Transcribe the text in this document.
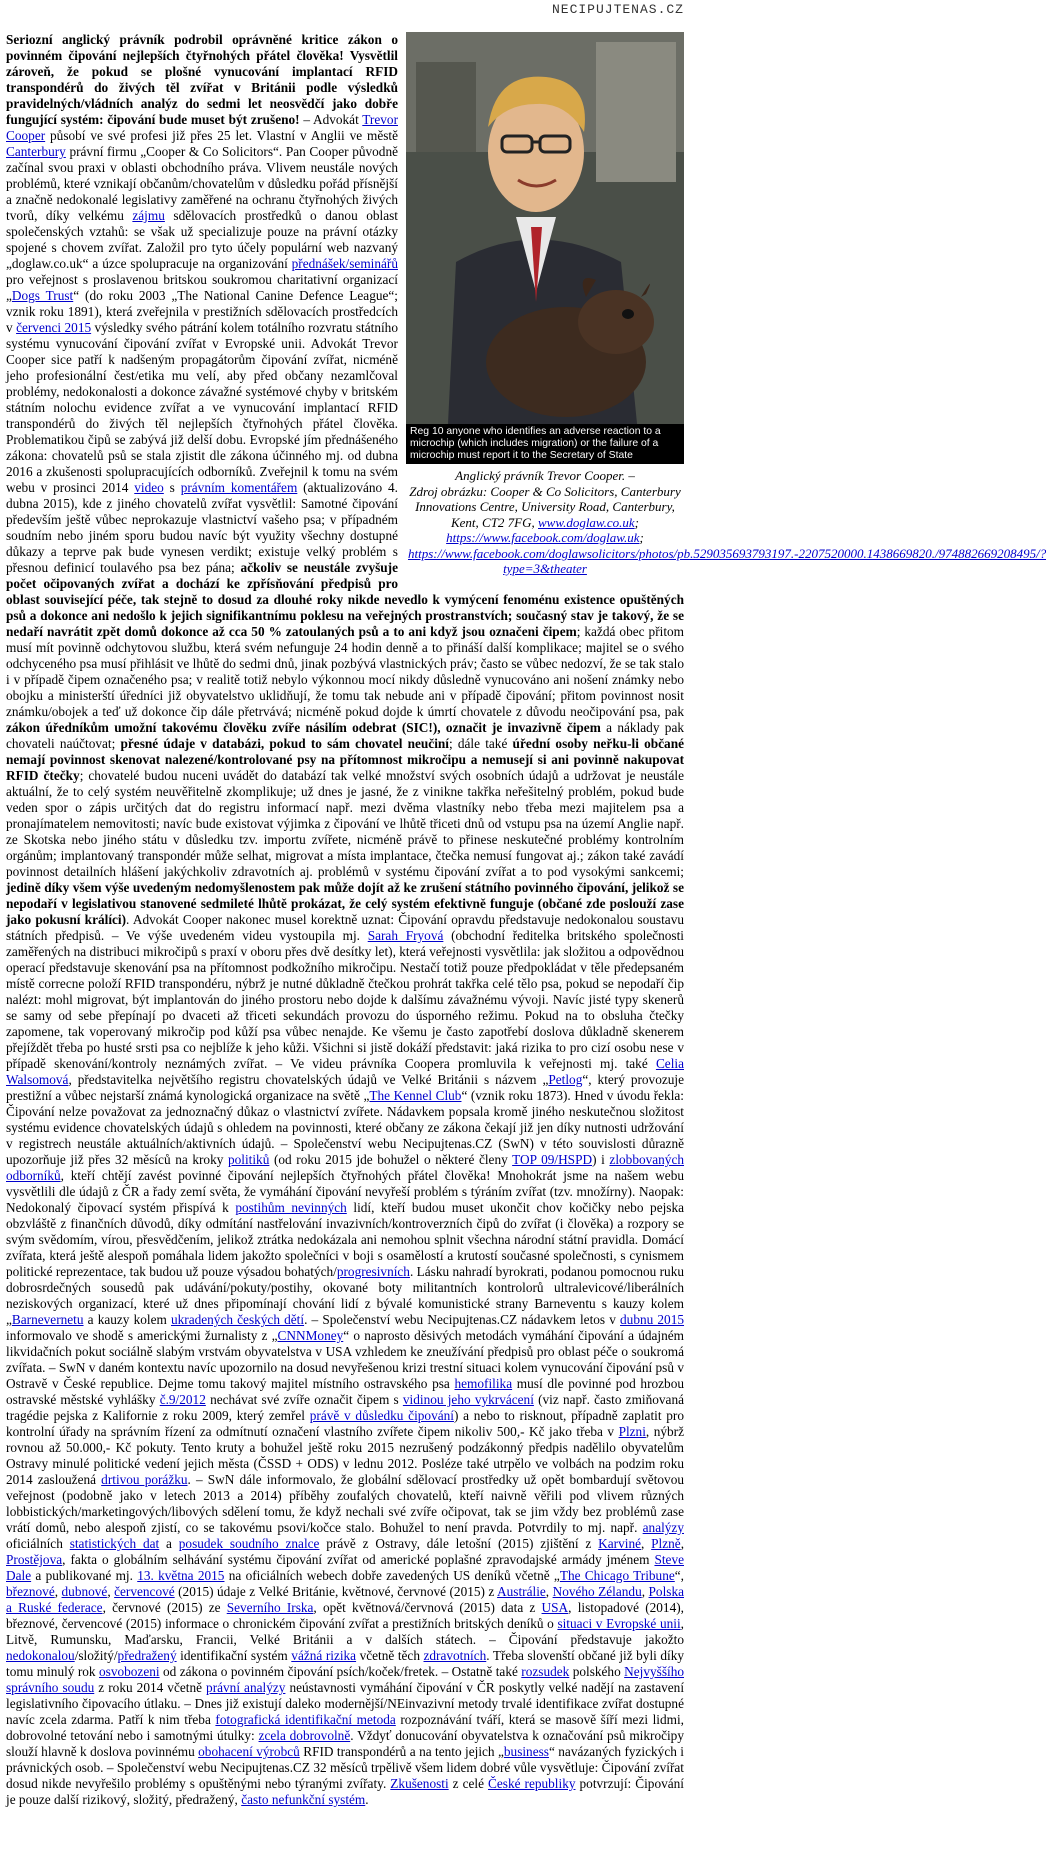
NECIPUJTENAS.CZ
Reg 10 anyone who identifies an adverse reaction to a microchip (which includes migration) or the failure of a microchip must report it to the Secretary of State
Anglický právník Trevor Cooper. –
Zdroj obrázku: Cooper & Co Solicitors, Canterbury Innovations Centre, University Road, Canterbury, Kent, CT2 7FG, www.doglaw.co.uk; https://www.facebook.com/doglaw.uk; https://www.facebook.com/doglawsolicitors/photos/pb.529035693793197.-2207520000.1438669820./974882669208495/?type=3&theater

Seriozní anglický právník podrobil oprávněné kritice zákon o povinném čipování nejlepších čtyřnohých přátel člověka! Vysvětlil zároveň, že pokud se plošné vynucování implantací RFID transpondérů do živých těl zvířat v Británii podle výsledků pravidelných/vládních analýz do sedmi let neosvědčí jako dobře fungující systém: čipování bude muset být zrušeno! – Advokát Trevor Cooper působí ve své profesi již přes 25 let. Vlastní v Anglii ve městě Canterbury právní firmu „Cooper & Co Solicitors“. Pan Cooper původně začínal svou praxi v oblasti obchodního práva. Vlivem neustále nových problémů, které vznikají občanům/chovatelům v důsledku pořád přísnější a značně nedokonalé legislativy zaměřené na ochranu čtyřnohých živých tvorů, díky velkému zájmu sdělovacích prostředků o danou oblast společenských vztahů: se však už specializuje pouze na právní otázky spojené s chovem zvířat. Založil pro tyto účely populární web nazvaný „doglaw.co.uk“ a úzce spolupracuje na organizování přednášek/seminářů pro veřejnost s proslavenou britskou soukromou charitativní organizací „Dogs Trust“ (do roku 2003 „The National Canine Defence League“; vznik roku 1891), která zveřejnila v prestižních sdělovacích prostředcích v červenci 2015 výsledky svého pátrání kolem totálního rozvratu státního systému vynucování čipování zvířat v Evropské unii. Advokát Trevor Cooper sice patří k nadšeným propagátorům čipování zvířat, nicméně jeho profesionální čest/etika mu velí, aby před občany nezamlčoval problémy, nedokonalosti a dokonce závažné systémové chyby v britském státním nolochu evidence zvířat a ve vynucování implantací RFID transpondérů do živých těl nejlepších čtyřnohých přátel člověka. Problematikou čipů se zabývá již delší dobu. Evropské jím přednášeného zákona: chovatelů psů se stala zjistit dle zákona účinného mj. od dubna 2016 a zkušenosti spolupracujících odborníků. Zveřejnil k tomu na svém webu v prosinci 2014 video s právním komentářem (aktualizováno 4. dubna 2015), kde z jiného chovatelů zvířat vysvětlil: Samotné čipování především ještě vůbec neprokazuje vlastnictví vašeho psa; v případném soudním nebo jiném sporu budou navíc být využity všechny dostupné důkazy a teprve pak bude vynesen verdikt; existuje velký problém s přesnou definicí toulavého psa bez pána; ačkoliv se neustále zvyšuje počet očipovaných zvířat a dochází ke zpřísňování předpisů pro oblast související péče, tak stejně to dosud za dlouhé roky nikde nevedlo k vymýcení fenoménu existence opuštěných psů a dokonce ani nedošlo k jejich signifikantnímu poklesu na veřejných prostranstvích; současný stav je takový, že se nedaří navrátit zpět domů dokonce až cca 50 % zatoulaných psů a to ani když jsou označeni čipem; každá obec přitom musí mít povinně odchytovou službu, která svém nefunguje 24 hodin denně a to přináší další komplikace; majitel se o svého odchyceného psa musí přihlásit ve lhůtě do sedmi dnů, jinak pozbývá vlastnických práv; často se vůbec nedozví, že se tak stalo i v případě čipem označeného psa; v realitě totiž nebylo výkonnou mocí nikdy důsledně vynucováno ani nošení známky nebo obojku a ministerští úředníci již obyvatelstvo uklidňují, že tomu tak nebude ani v případě čipování; přitom povinnost nosit známku/obojek a teď už dokonce čip dále přetrvává; nicméně pokud dojde k úmrtí chovatele z důvodu neočipování psa, pak zákon úředníkům umožní takovému člověku zvíře násilím odebrat (SIC!), označit je invazivně čipem a náklady pak chovateli naúčtovat; přesné údaje v databázi, pokud to sám chovatel neučiní; dále také úřední osoby neřku-li občané nemají povinnost skenovat nalezené/kontrolované psy na přítomnost mikročipu a nemusejí si ani povinně nakupovat RFID čtečky; chovatelé budou nuceni uvádět do databází tak velké množství svých osobních údajů a udržovat je neustále aktuální, že to celý systém neuvěřitelně zkomplikuje; už dnes je jasné, že z vinikne takřka neřešitelný problém, pokud bude veden spor o zápis určitých dat do registru informací např. mezi dvěma vlastníky nebo třeba mezi majitelem psa a pronajímatelem nemovitosti; navíc bude existovat výjimka z čipování ve lhůtě třiceti dnů od vstupu psa na území Anglie např. ze Skotska nebo jiného státu v důsledku tzv. importu zvířete, nicméně právě to přinese neskutečné problémy kontrolním orgánům; implantovaný transpondér může selhat, migrovat a místa implantace, čtečka nemusí fungovat aj.; zákon také zavádí povinnost detailních hlášení jakýchkoliv zdravotních aj. problémů v systému čipování zvířat a to pod vysokými sankcemi; jedině díky všem výše uvedeným nedomyšlenostem pak může dojít až ke zrušení státního povinného čipování, jelikož se nepodaří v legislativou stanovené sedmileté lhůtě prokázat, že celý systém efektivně funguje (občané zde poslouží zase jako pokusní králíci). Advokát Cooper nakonec musel korektně uznat: Čipování opravdu představuje nedokonalou soustavu státních předpisů. – Ve výše uvedeném videu vystoupila mj. Sarah Fryová (obchodní ředitelka britského společnosti zaměřených na distribuci mikročipů s praxí v oboru přes dvě desítky let), která veřejnosti vysvětlila: jak složitou a odpovědnou operací představuje skenování psa na přítomnost podkožního mikročipu. Nestačí totiž pouze předpokládat v těle předepsaném místě correcne položí RFID transpondéru, nýbrž je nutné důkladně čtečkou prohrát takřka celé tělo psa, pokud se nepodaří čip nalézt: mohl migrovat, být implantován do jiného prostoru nebo dojde k dalšímu závažnému vývoji. Navíc jisté typy skenerů se samy od sebe přepínají po dvaceti až třiceti sekundách provozu do úsporného režimu. Pokud na to obsluha čtečky zapomene, tak voperovaný mikročip pod kůží psa vůbec nenajde. Ke všemu je často zapotřebí doslova důkladně skenerem přejíždět třeba po husté srsti psa co nejblíže k jeho kůži. Všichni si jistě dokáží představit: jaká rizika to pro cizí osobu nese v případě skenování/kontroly neznámých zvířat. – Ve videu právníka Coopera promluvila k veřejnosti mj. také Celia Walsomová, představitelka největšího registru chovatelských údajů ve Velké Británii s názvem „Petlog“, který provozuje prestižní a vůbec nejstarší známá kynologická organizace na světě „The Kennel Club“ (vznik roku 1873). Hned v úvodu řekla: Čipování nelze považovat za jednoznačný důkaz o vlastnictví zvířete. Nádavkem popsala kromě jiného neskutečnou složitost systému evidence chovatelských údajů s ohledem na povinnosti, které občany ze zákona čekají již jen díky nutnosti udržování v registrech neustále aktuálních/aktivních údajů. – Společenství webu Necipujtenas.CZ (SwN) v této souvislosti důrazně upozorňuje již přes 32 měsíců na kroky politiků (od roku 2015 jde bohužel o některé členy TOP 09/HSPD) i zlobbovaných odborníků, kteří chtějí zavést povinné čipování nejlepších čtyřnohých přátel člověka! Mnohokrát jsme na našem webu vysvětlili dle údajů z ČR a řady zemí světa, že vymáhání čipování nevyřeší problém s týráním zvířat (tzv. množírny). Naopak: Nedokonalý čipovací systém přispívá k postihům nevinných lidí, kteří budou muset ukončit chov kočičky nebo pejska obzvláště z finančních důvodů, díky odmítání nastřelování invazivních/kontroverzních čipů do zvířat (i člověka) a rozpory se svým svědomím, vírou, přesvědčením, jelikož ztrátka nedokázala ani nemohou splnit všechna národní státní pravidla. Domácí zvířata, která ještě alespoň pomáhala lidem jakožto společníci v boji s osamělostí a krutostí současné společnosti, s cynismem politické reprezentace, tak budou už pouze výsadou bohatých/progresivních. Lásku nahradí byrokrati, podanou pomocnou ruku dobrosrdečných sousedů pak udávání/pokuty/postihy, okované boty militantních kontrolorů ultralevicové/liberálních neziskových organizací, které už dnes připomínají chování lidí z bývalé komunistické strany Barneventu s kauzy kolem „Barnevernetu a kauzy kolem ukradených českých dětí. – Společenství webu Necipujtenas.CZ nádavkem letos v dubnu 2015 informovalo ve shodě s americkými žurnalisty z „CNNMoney“ o naprosto děsivých metodách vymáhání čipování a údajném likvidačních pokut sociálně slabým vrstvám obyvatelstva v USA vzhledem ke zneužívání předpisů pro oblast péče o soukromá zvířata. – SwN v daném kontextu navíc upozornilo na dosud nevyřešenou krizi trestní situaci kolem vynucování čipování psů v Ostravě v České republice. Dejme tomu takový majitel místního ostravského psa hemofilika musí dle povinné pod hrozbou ostravské městské vyhlášky č.9/2012 nechávat své zvíře označit čipem s vidinou jeho vykrvácení (viz např. často zmiňovaná tragédie pejska z Kalifornie z roku 2009, který zemřel právě v důsledku čipování) a nebo to risknout, případně zaplatit pro kontrolní úřady na správním řízení za odmítnutí označení vlastního zvířete čipem nikoliv 500,- Kč jako třeba v Plzni, nýbrž rovnou až 50.000,- Kč pokuty. Tento kruty a bohužel ještě roku 2015 nezrušený podzákonný předpis nadělilo obyvatelům Ostravy minulé politické vedení jejich města (ČSSD + ODS) v lednu 2012. Posléze také utrpělo ve volbách na podzim roku 2014 zasloužená drtivou porážku. – SwN dále informovalo, že globální sdělovací prostředky už opět bombardují světovou veřejnost (podobně jako v letech 2013 a 2014) příběhy zoufalých chovatelů, kteří naivně věřili pod vlivem různých lobbistických/marketingových/libových sdělení tomu, že když nechali své zvíře očipovat, tak se jim vždy bez problémů zase vrátí domů, nebo alespoň zjistí, co se takovému psovi/kočce stalo. Bohužel to není pravda. Potvrdily to mj. např. analýzy oficiálních statistických dat a posudek soudního znalce právě z Ostravy, dále letošní (2015) zjištění z Karviné, Plzně, Prostějova, fakta o globálním selhávání systému čipování zvířat od americké poplašné zpravodajské armády jménem Steve Dale a publikované mj. 13. května 2015 na oficiálních webech dobře zavedených US deníků včetně „The Chicago Tribune“, březnové, dubnové, červencové (2015) údaje z Velké Británie, květnové, červnové (2015) z Austrálie, Nového Zélandu, Polska a Ruské federace, červnové (2015) ze Severního Irska, opět květnová/červnová (2015) data z USA, listopadové (2014), březnové, červencové (2015) informace o chronickém čipování zvířat a prestižních britských deníků o situaci v Evropské unii, Litvě, Rumunsku, Maďarsku, Francii, Velké Británii a v dalších státech. – Čipování představuje jakožto nedokonalou/složitý/předražený identifikační systém vážná rizika včetně těch zdravotních. Třeba slovenští občané již byli díky tomu minulý rok osvobozeni od zákona o povinném čipování psích/koček/fretek. – Ostatně také rozsudek polského Nejvyššího správního soudu z roku 2014 včetně právní analýzy neústavnosti vymáhání čipování v ČR poskytly velké nadějí na zastavení legislativního čipovacího útlaku. – Dnes již existují daleko modernější/NEinvazivní metody trvalé identifikace zvířat dostupné navíc zcela zdarma. Patří k nim třeba fotografická identifikační metoda rozpoznávání tváří, která se masově šíří mezi lidmi, dobrovolné tetování nebo i samotnými útulky: zcela dobrovolně. Vždyť donucování obyvatelstva k označování psů mikročipy slouží hlavně k doslova povinnému obohacení výrobců RFID transpondérů a na tento jejich „business“ navázaných fyzických i právnických osob. – Společenství webu Necipujtenas.CZ 32 měsíců trpělivě všem lidem dobré vůle vysvětluje: Čipování zvířat dosud nikde nevyřešilo problémy s opuštěnými nebo týranými zvířaty. Zkušenosti z celé České republiky potvrzují: Čipování je pouze další rizikový, složitý, předražený, často nefunkční systém.
